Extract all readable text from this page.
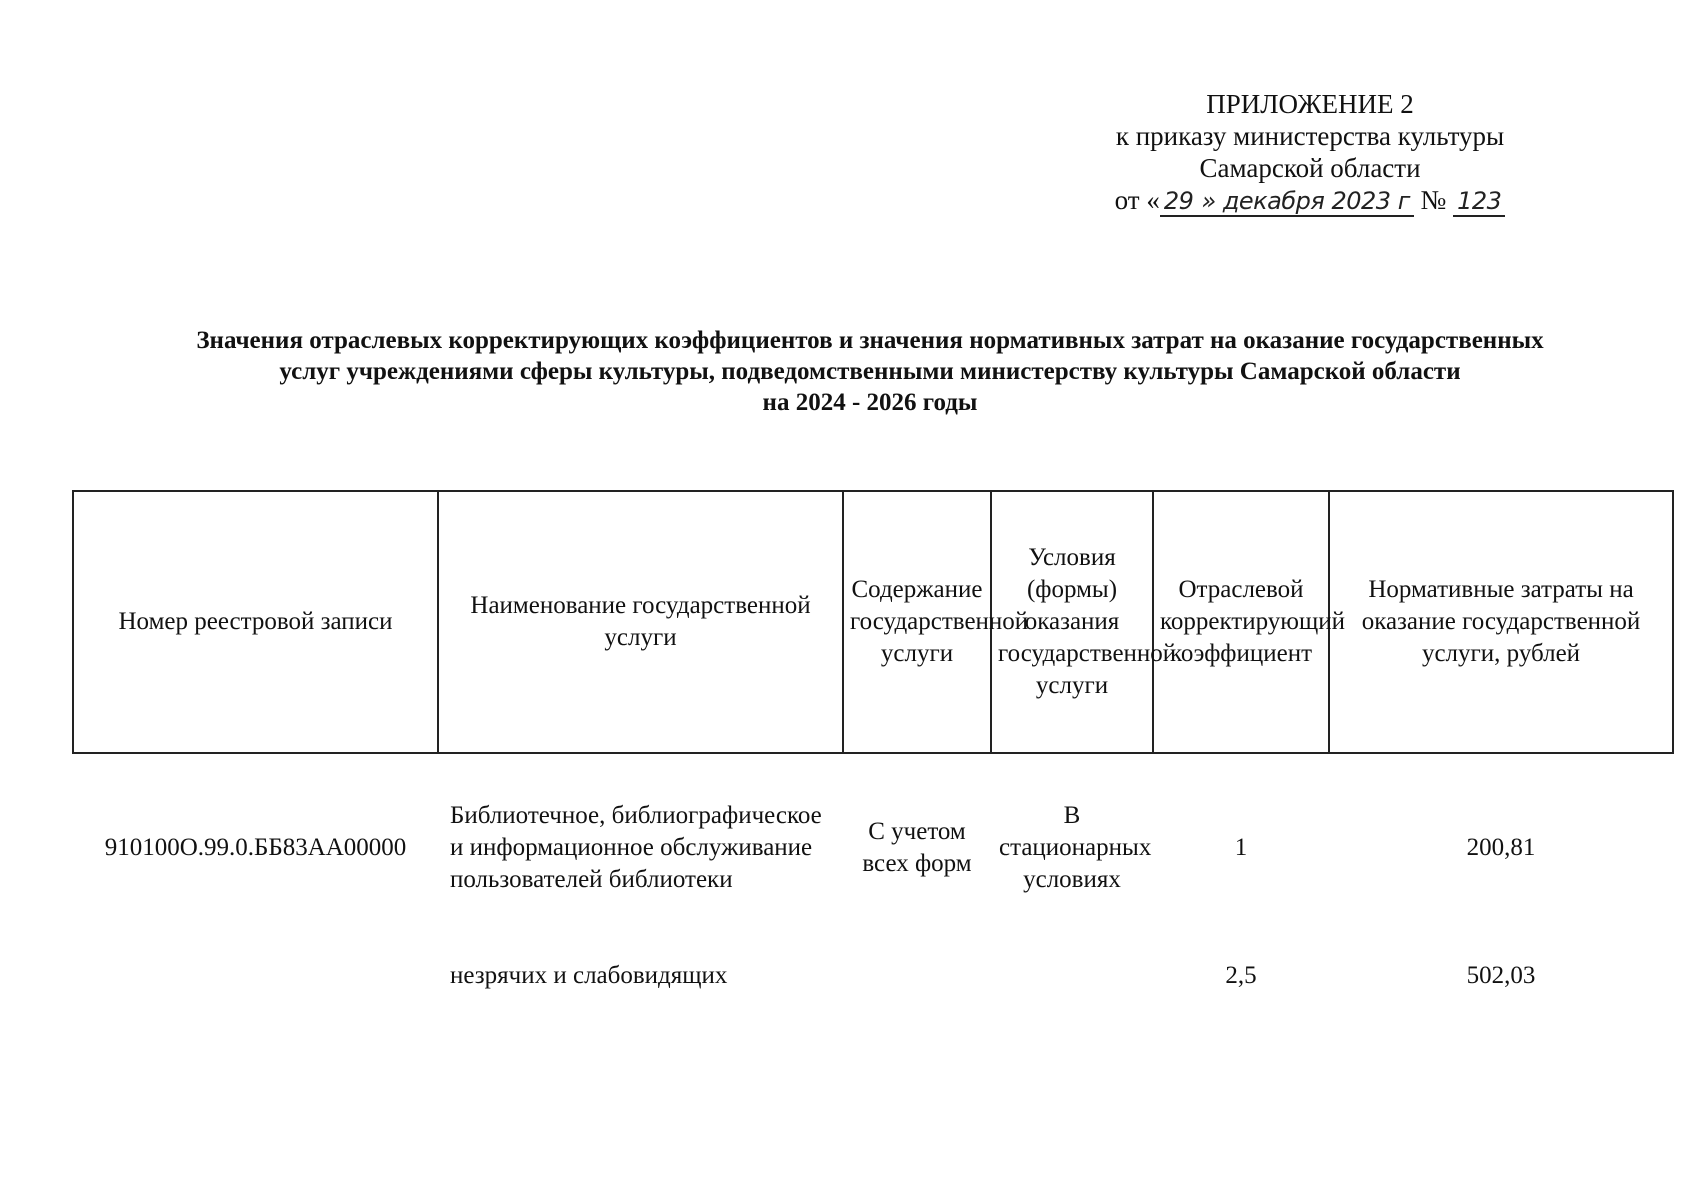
ПРИЛОЖЕНИЕ 2
к приказу министерства культуры
Самарской области
от « 29 » декабря 2023 г № 123
Значения отраслевых корректирующих коэффициентов и значения нормативных затрат на оказание государственных
услуг учреждениями сферы культуры, подведомственными министерству культуры Самарской области
на 2024 - 2026 годы
Номер реестровой записи	Наименование государственной услуги	Содержание государственной услуги	Условия (формы) оказания государственной услуги	Отраслевой корректирующий коэффициент	Нормативные затраты на оказание государственной услуги, рублей
910100О.99.0.ББ83АА00000	Библиотечное, библиографическое и информационное обслуживание пользователей библиотеки	С учетом всех форм	В стационарных условиях	1	200,81
	незрячих и слабовидящих			2,5	502,03
